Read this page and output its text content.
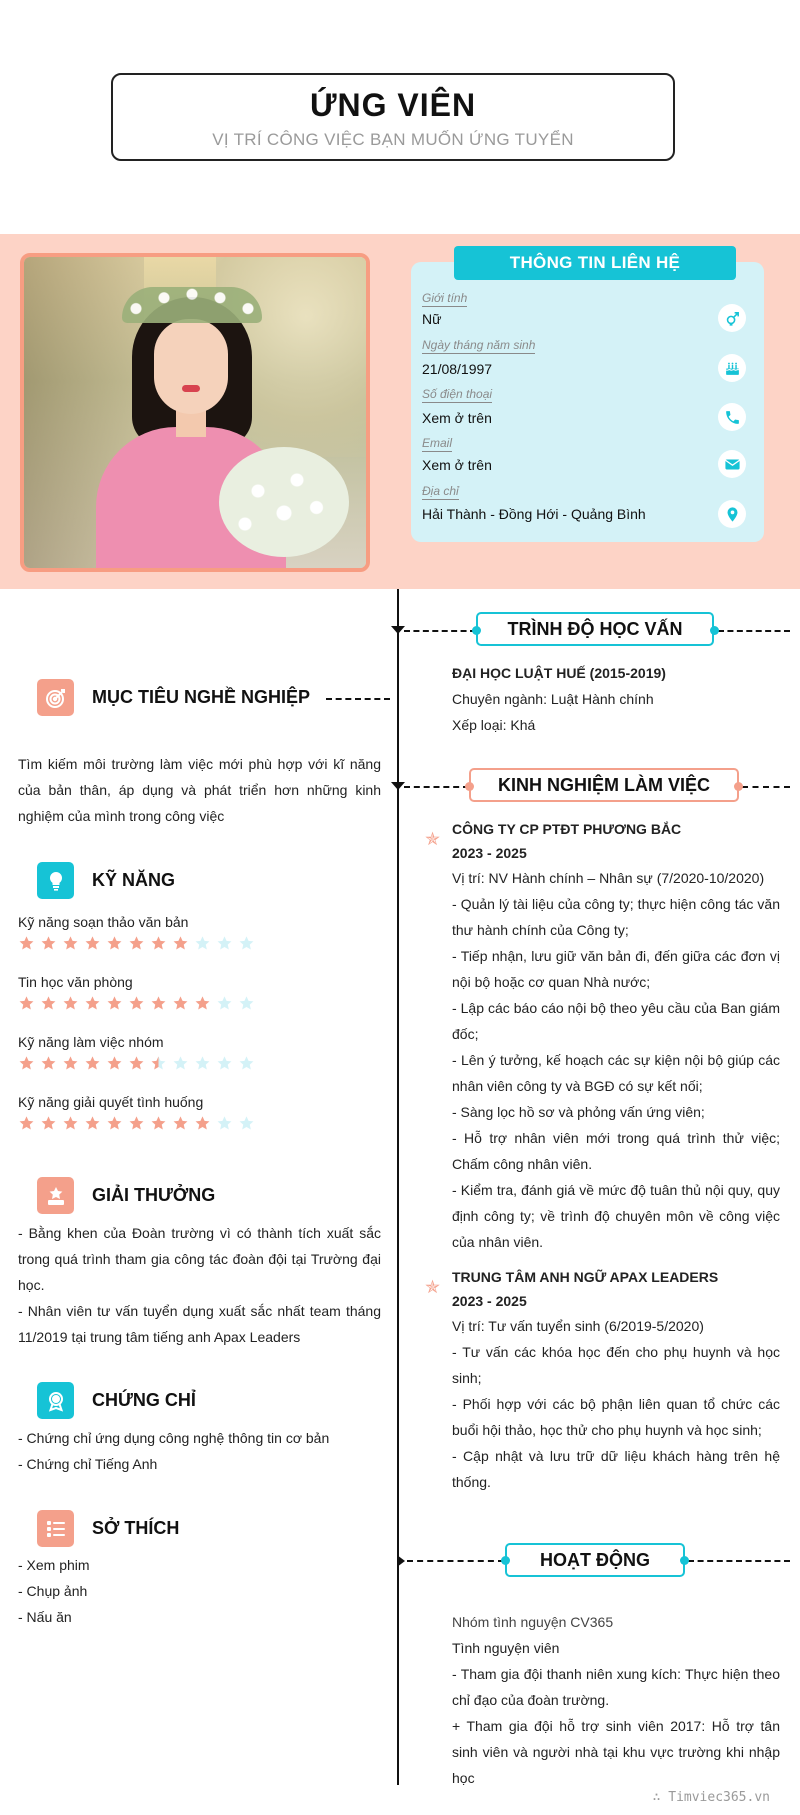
ỨNG VIÊN
VỊ TRÍ CÔNG VIỆC BẠN MUỐN ỨNG TUYỂN
THÔNG TIN LIÊN HỆ
Giới tính
Nữ
Ngày tháng năm sinh
21/08/1997
Số điện thoại
Xem ở trên
Email
Xem ở trên
Địa chỉ
Hải Thành - Đồng Hới - Quảng Bình
TRÌNH ĐỘ HỌC VẤN
ĐẠI HỌC LUẬT HUẾ (2015-2019)
Chuyên ngành: Luật Hành chính
Xếp loại: Khá
KINH NGHIỆM LÀM VIỆC
✯ CÔNG TY CP PTĐT PHƯƠNG BẮC
2023 - 2025
Vị trí: NV Hành chính – Nhân sự (7/2020-10/2020)
- Quản lý tài liệu của công ty; thực hiện công tác văn thư hành chính của Công ty;
- Tiếp nhận, lưu giữ văn bản đi, đến giữa các đơn vị nội bộ hoặc cơ quan Nhà nước;
- Lập các báo cáo nội bộ theo yêu cầu của Ban giám đốc;
- Lên ý tưởng, kế hoạch các sự kiện nội bộ giúp các nhân viên công ty và BGĐ có sự kết nối;
- Sàng lọc hồ sơ và phỏng vấn ứng viên;
- Hỗ trợ nhân viên mới trong quá trình thử việc; Chấm công nhân viên.
- Kiểm tra, đánh giá về mức độ tuân thủ nội quy, quy định công ty; về trình độ chuyên môn về công việc của nhân viên.
✯ TRUNG TÂM ANH NGỮ APAX LEADERS
2023 - 2025
Vị trí: Tư vấn tuyển sinh (6/2019-5/2020)
- Tư vấn các khóa học đến cho phụ huynh và học sinh;
- Phối hợp với các bộ phận liên quan tổ chức các buổi hội thảo, học thử cho phụ huynh và học sinh;
- Cập nhật và lưu trữ dữ liệu khách hàng trên hệ thống.
HOẠT ĐỘNG
Nhóm tình nguyện CV365
Tình nguyện viên
- Tham gia đội thanh niên xung kích: Thực hiện theo chỉ đạo của đoàn trường.
+ Tham gia đội hỗ trợ sinh viên 2017: Hỗ trợ tân sinh viên và người nhà tại khu vực trường khi nhập học
MỤC TIÊU NGHỀ NGHIỆP
Tìm kiếm môi trường làm việc mới phù hợp với kĩ năng của bản thân, áp dụng và phát triển hơn những kinh nghiệm của mình trong công việc
KỸ NĂNG
Kỹ năng soạn thảo văn bản
Tin học văn phòng
Kỹ năng làm việc nhóm
Kỹ năng giải quyết tình huống
GIẢI THƯỞNG
- Bằng khen của Đoàn trường vì có thành tích xuất sắc trong quá trình tham gia công tác đoàn đội tại Trường đại học.
- Nhân viên tư vấn tuyển dụng xuất sắc nhất team tháng 11/2019 tại trung tâm tiếng anh Apax Leaders
CHỨNG CHỈ
- Chứng chỉ ứng dụng công nghệ thông tin cơ bản
- Chứng chỉ Tiếng Anh
SỞ THÍCH
- Xem phim
- Chụp ảnh
- Nấu ăn
∴ Timviec365.vn
